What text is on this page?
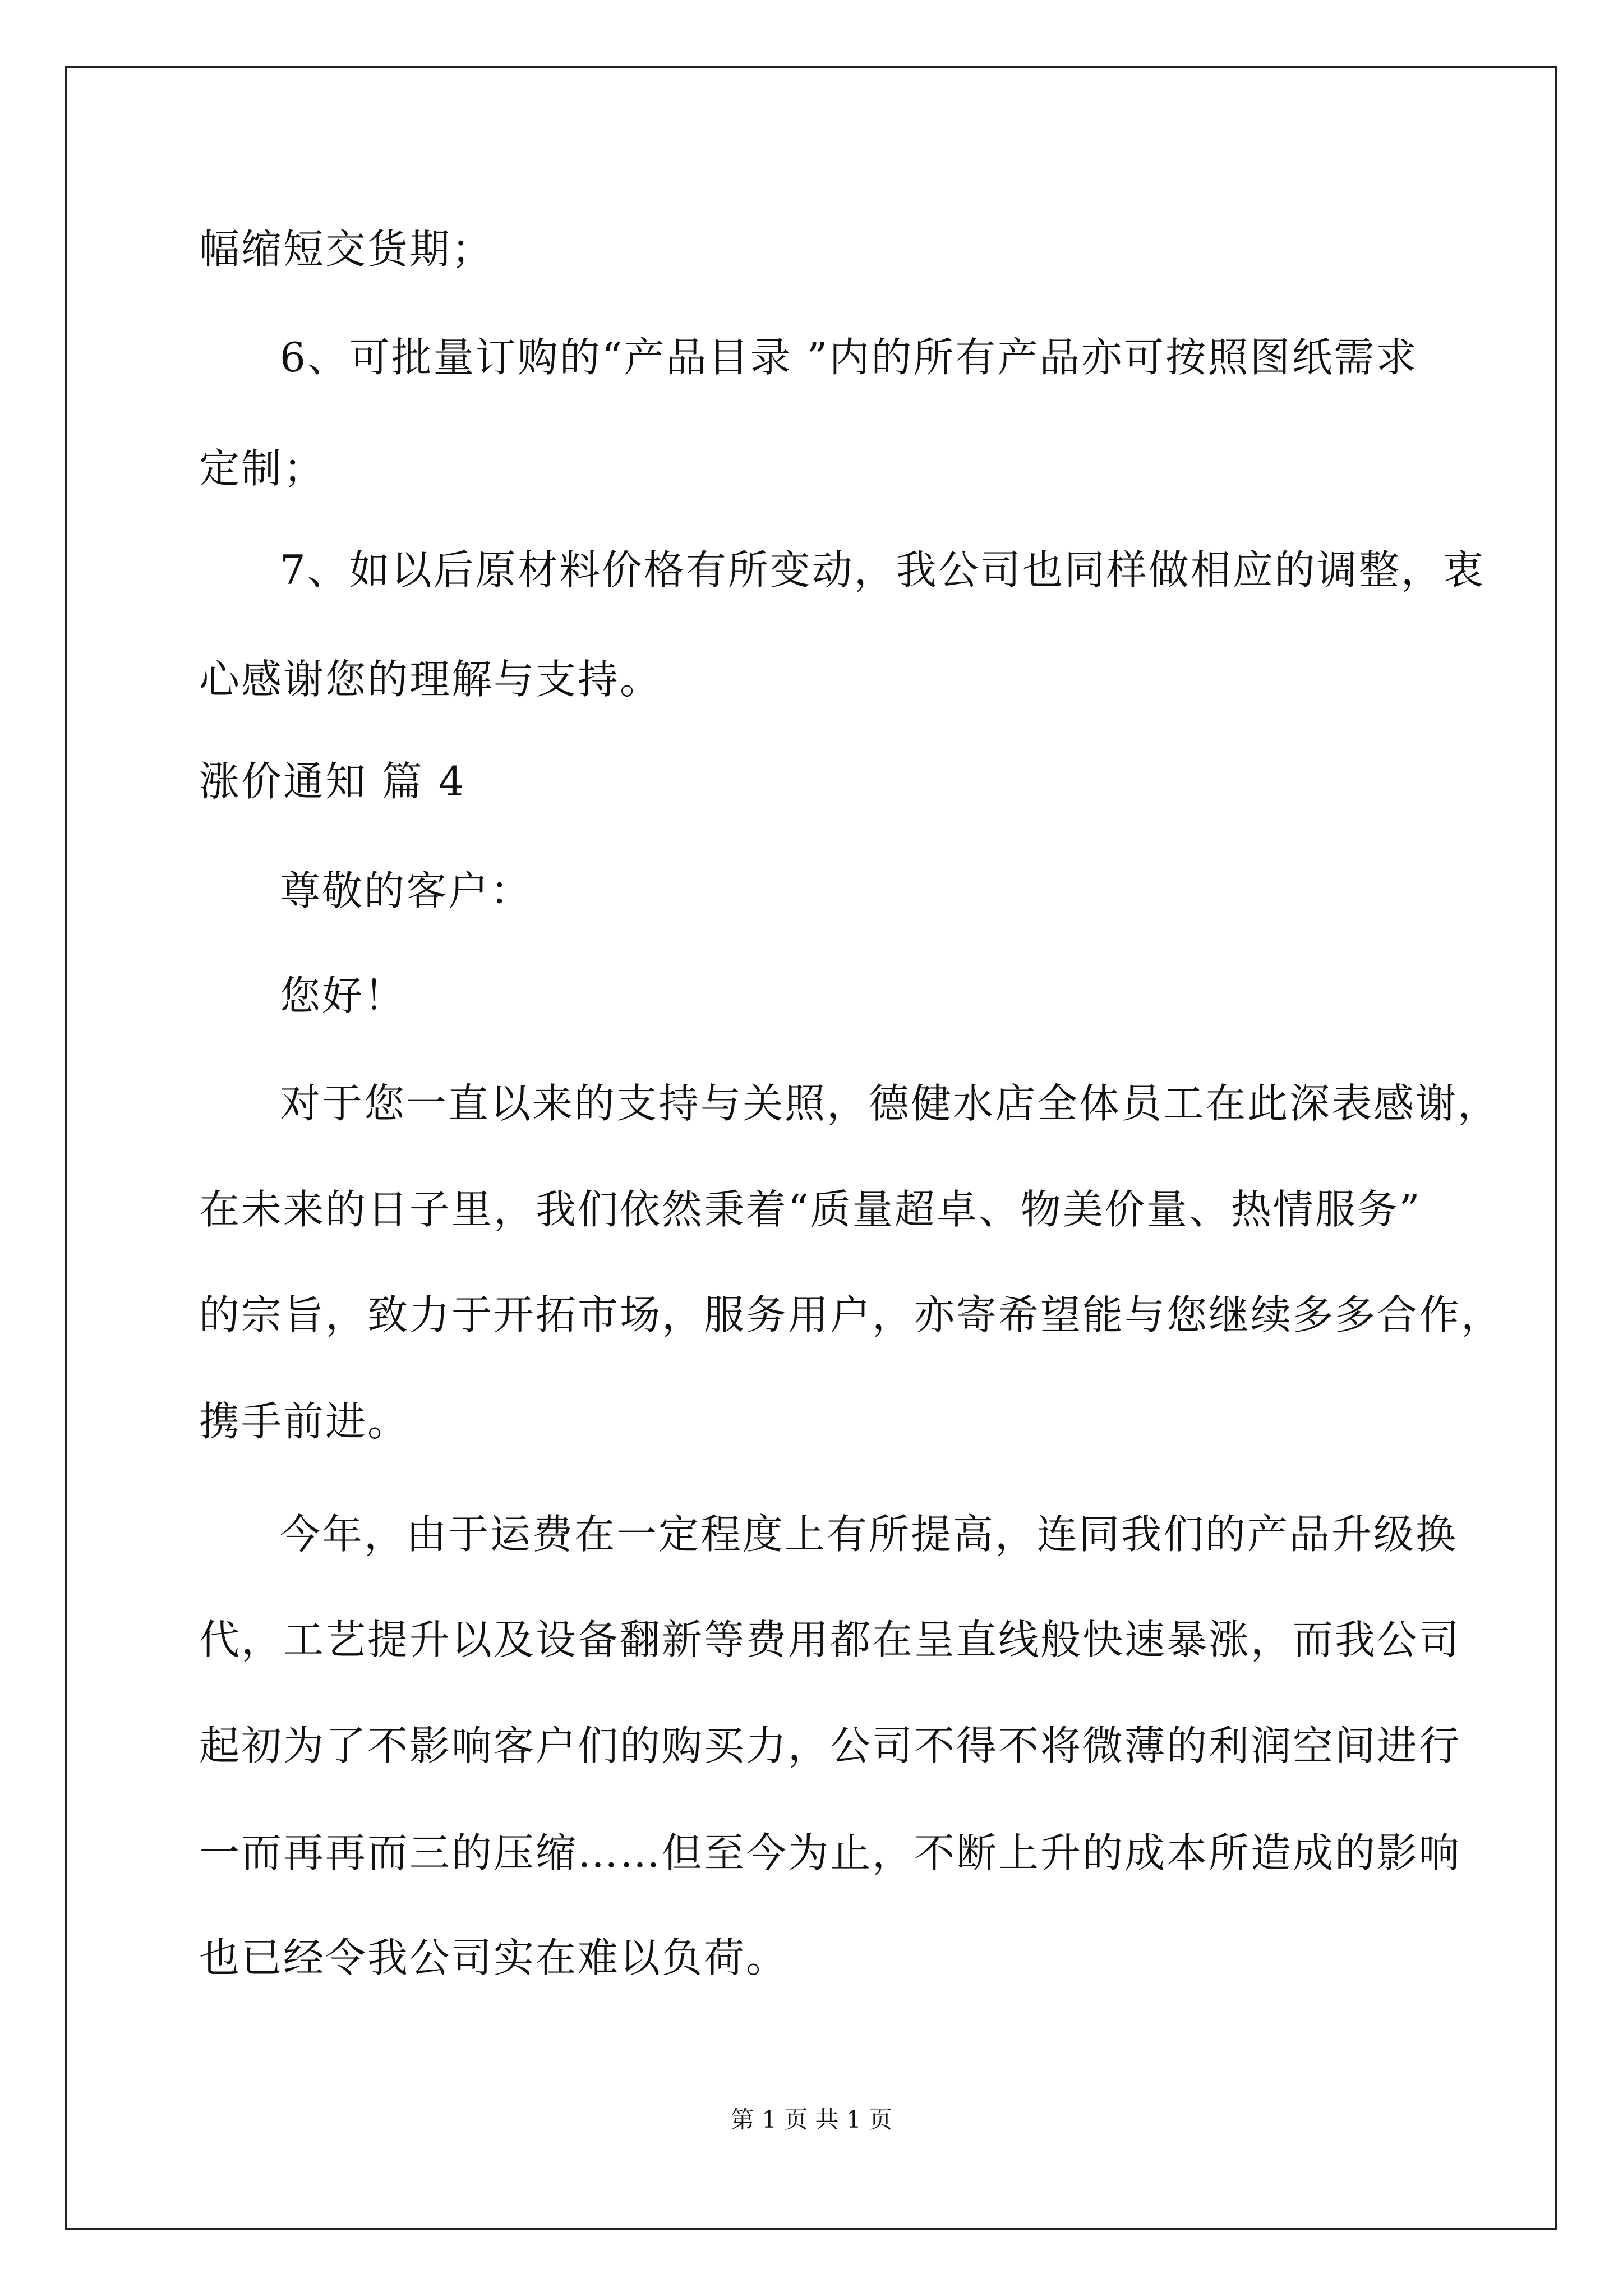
幅缩短交货期；
6、可批量订购的“产品目录 ”内的所有产品亦可按照图纸需求
定制；
7、如以后原材料价格有所变动，我公司也同样做相应的调整，衷
心感谢您的理解与支持。
涨价通知 篇 4
尊敬的客户：
您好！
对于您一直以来的支持与关照，德健水店全体员工在此深表感谢，
在未来的日子里，我们依然秉着“质量超卓、物美价量、热情服务”
的宗旨，致力于开拓市场，服务用户，亦寄希望能与您继续多多合作，
携手前进。
今年，由于运费在一定程度上有所提高，连同我们的产品升级换
代，工艺提升以及设备翻新等费用都在呈直线般快速暴涨，而我公司
起初为了不影响客户们的购买力，公司不得不将微薄的利润空间进行
一而再再而三的压缩……但至今为止，不断上升的成本所造成的影响
也已经令我公司实在难以负荷。
第 1 页 共 1 页
